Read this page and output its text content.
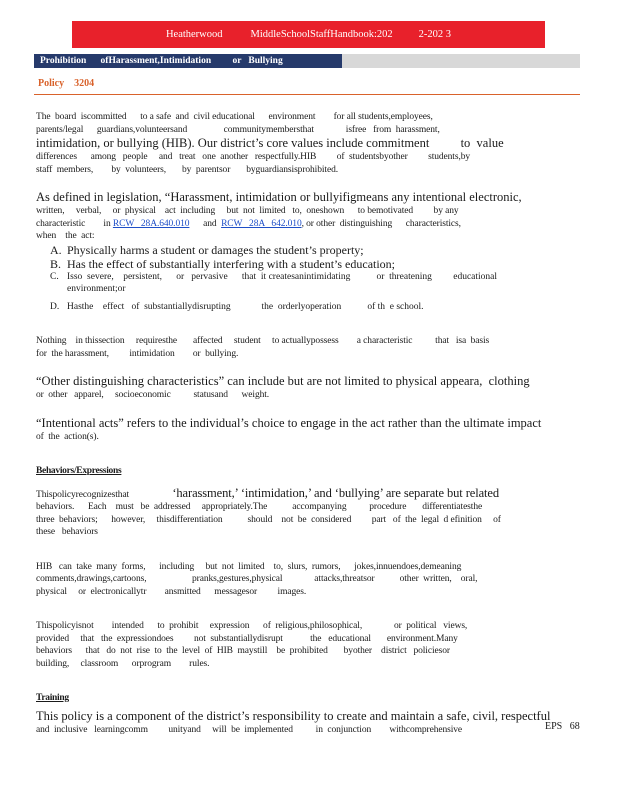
Heatherwood	MiddleSchoolStaffHandbook:202 2-202 3
Prohibition      ofHarassment,Intimidation         or   Bullying
Policy    3204

The  board  iscommitted      to a safe  and  civil educational      environment        for all students,employees,

parents/legal      guardians,volunteersand                communitymembersthat              isfree   from  harassment,

intimidation, or bullying (HIB). Our district’s core values include commitment          to  value

differences      among   people     and   treat   one  another   respectfully.HIB         of  studentsbyother         students,by

staff  members,        by  volunteers,       by  parentsor       byguardiansisprohibited.

As defined in legislation, “Harassment, intimidation or bullyifigmeans any intentional electronic,

written,     verbal,     or  physical    act  including     but  not  limited   to,  oneshown      to bemotivated         by any

characteristic        in RCW   28A.640.010 and RCW   28A   642.010, or other  distinguishing      characteristics,

when    the  act:

A. Physically harms a student or damages the student’s property;
B. Has the effect of substantially interfering with a student’s education;
C. Isso  severe,    persistent,      or   pervasive      that  it createsanintimidating           or  threatening         educational
environment;or
D. Hasthe    effect   of  substantiallydisrupting             the  orderlyoperation           of th  e school.

Nothing    in thissection     requiresthe       affected     student     to actuallypossess        a characteristic          that   isa  basis

for  the harassment,         intimidation        or  bullying.

“Other distinguishing characteristics” can include but are not limited to physical appeara,  clothing

or  other   apparel,     socioeconomic          statusand      weight.

“Intentional acts” refers to the individual’s choice to engage in the act rather than the ultimate impact

of  the  action(s).

Behaviors/Expressions

Thispolicyrecognizesthat	‘harassment,’ ‘intimidation,’ and ‘bullying’ are separate but related

behaviors.      Each    must   be  addressed     appropriately.The           accompanying          procedure       differentiatesthe

three  behaviors;      however,     thisdifferentiation           should    not  be  considered         part   of  the  legal  d efinition     of

these   behaviors

HIB   can  take  many  forms,      including     but  not  limited    to,  slurs,  rumors,      jokes,innuendoes,demeaning

comments,drawings,cartoons,                    pranks,gestures,physical              attacks,threatsor           other  written,    oral,

physical     or  electronicallytr        ansmitted      messagesor         images.

Thispolicyisnot        intended      to  prohibit     expression      of  religious,philosophical,              or  political   views,

provided     that   the  expressiondoes         not  substantiallydisrupt            the   educational       environment.Many

behaviors      that   do  not  rise  to  the  level  of  HIB  maystill    be  prohibited       byother    district   policiesor

building,     classroom      orprogram        rules.

Training

This policy is a component of the district’s responsibility to create and maintain a safe, civil, respectful

and  inclusive   learningcomm         unityand     will  be  implemented          in  conjunction        withcomprehensive	EPS   68
